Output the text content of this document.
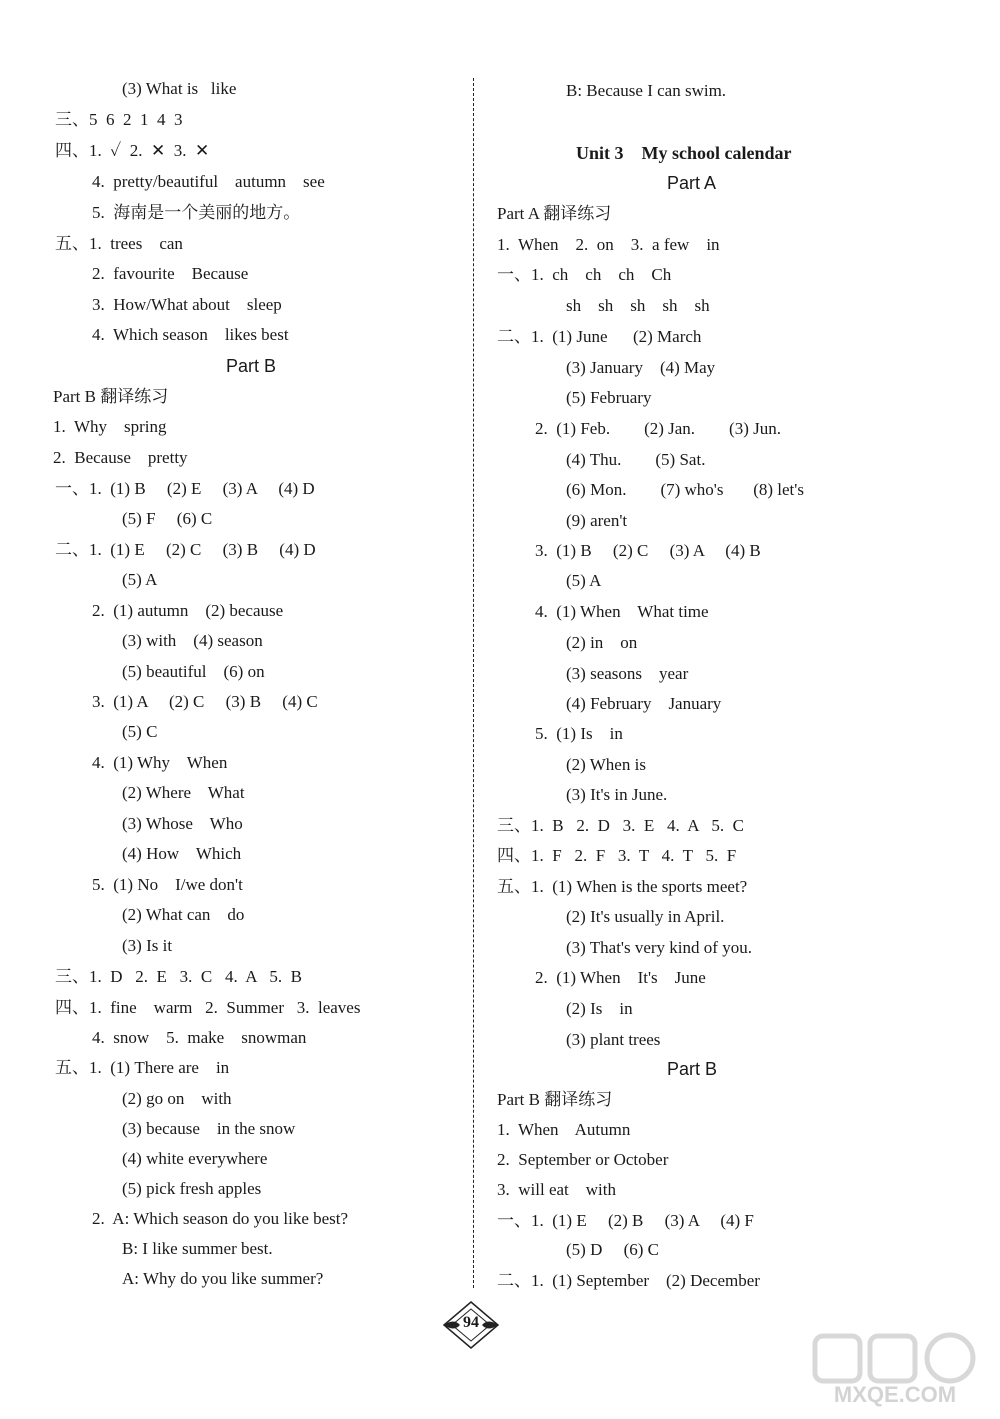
(3) What is   like
三、5  6  2  1  4  3
四、1.  ✓  2.  ✕  3.  ✕
4.  pretty/beautiful    autumn    see
5.  海南是一个美丽的地方。
五、1.  trees    can
2.  favourite    Because
3.  How/What about    sleep
4.  Which season    likes best
Part B 翻译练习
1.  Why    spring
2.  Because    pretty
一、1.  (1) B     (2) E     (3) A     (4) D
(5) F     (6) C
二、1.  (1) E     (2) C     (3) B     (4) D
(5) A
2.  (1) autumn    (2) because
(3) with    (4) season
(5) beautiful    (6) on
3.  (1) A     (2) C     (3) B     (4) C
(5) C
4.  (1) Why    When
(2) Where    What
(3) Whose    Who
(4) How    Which
5.  (1) No    I/we don't
(2) What can    do
(3) Is it
三、1.  D   2.  E   3.  C   4.  A   5.  B
四、1.  fine    warm   2.  Summer   3.  leaves
4.  snow    5.  make    snowman
五、1.  (1) There are    in
(2) go on    with
(3) because    in the snow
(4) white everywhere
(5) pick fresh apples
2.  A: Which season do you like best?
B: I like summer best.
A: Why do you like summer?
B: Because I can swim.
Part A 翻译练习
1.  When    2.  on    3.  a few    in
一、1.  ch    ch    ch    Ch
sh    sh    sh    sh    sh
二、1.  (1) June      (2) March
(3) January    (4) May
(5) February
2.  (1) Feb.        (2) Jan.        (3) Jun.
(4) Thu.        (5) Sat.
(6) Mon.        (7) who's       (8) let's
(9) aren't
3.  (1) B     (2) C     (3) A     (4) B
(5) A
4.  (1) When    What time
(2) in    on
(3) seasons    year
(4) February    January
5.  (1) Is    in
(2) When is
(3) It's in June.
三、1.  B   2.  D   3.  E   4.  A   5.  C
四、1.  F   2.  F   3.  T   4.  T   5.  F
五、1.  (1) When is the sports meet?
(2) It's usually in April.
(3) That's very kind of you.
2.  (1) When    It's    June
(2) Is    in
(3) plant trees
Part B 翻译练习
1.  When    Autumn
2.  September or October
3.  will eat    with
一、1.  (1) E     (2) B     (3) A     (4) F
(5) D     (6) C
二、1.  (1) September    (2) December
Part B
Unit 3    My school calendar
Part A
Part B
94
MXQE.COM
